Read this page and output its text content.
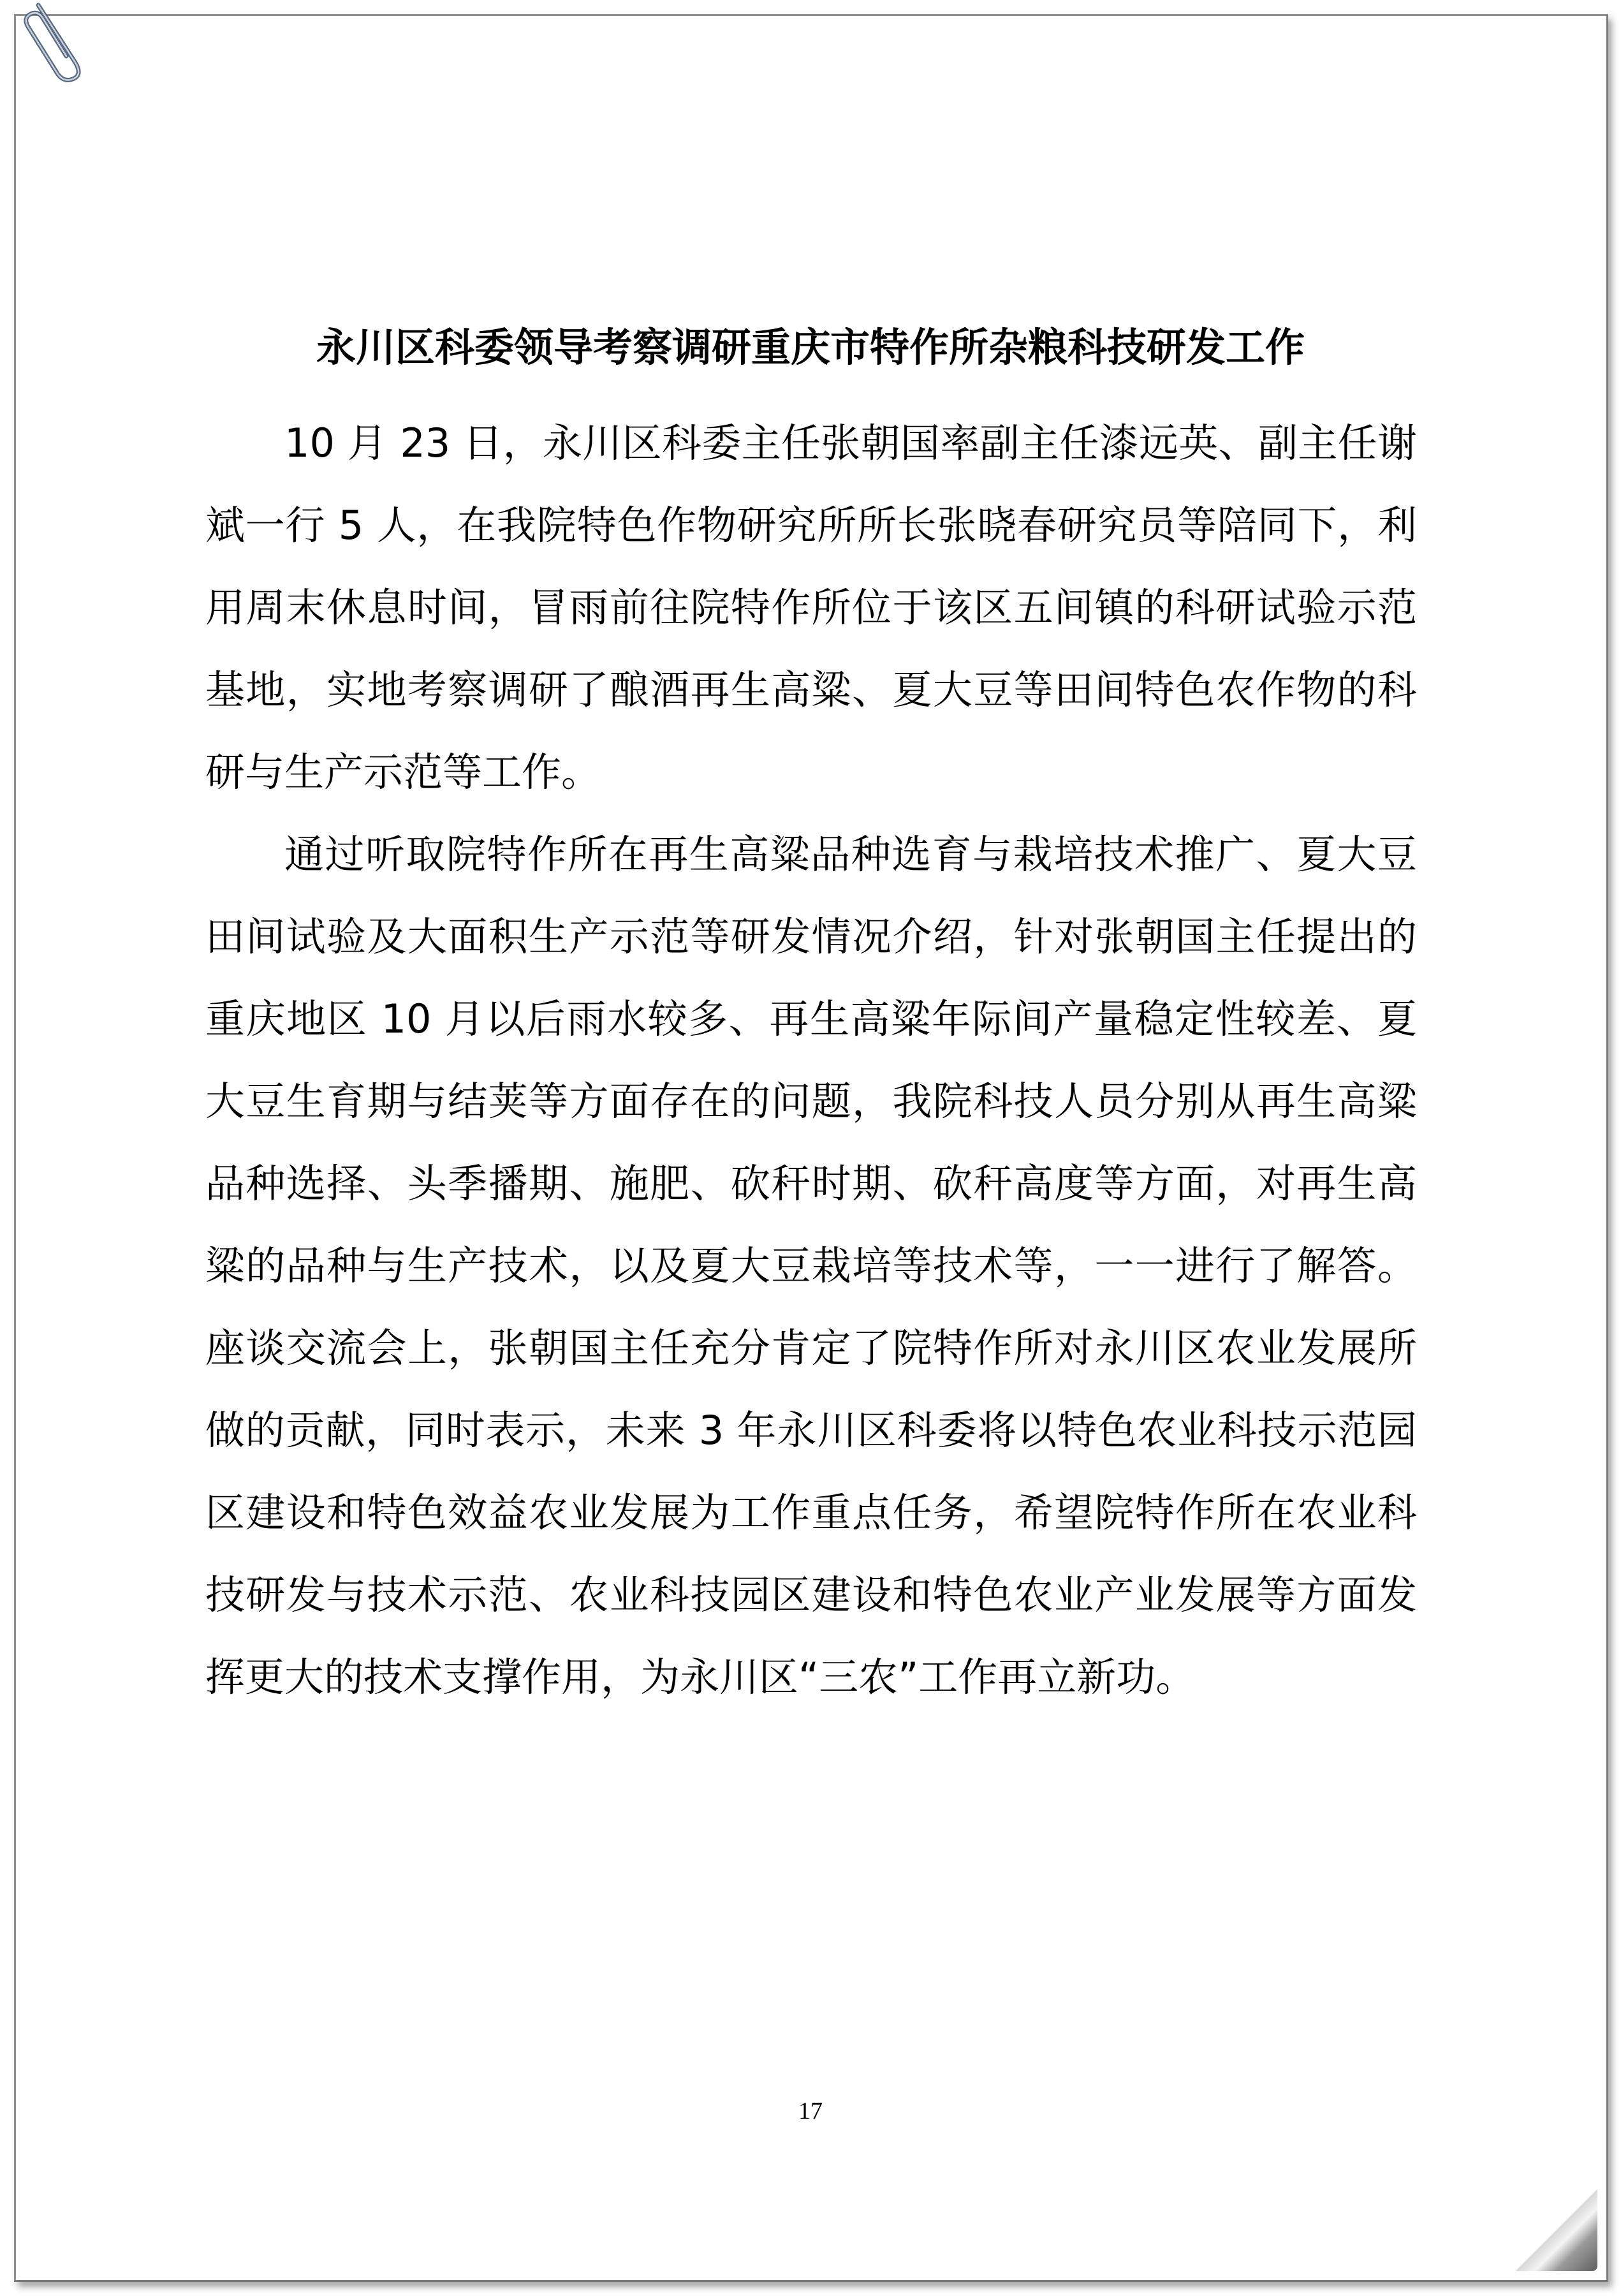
永川区科委领导考察调研重庆市特作所杂粮科技研发工作

10 月 23 日，永川区科委主任张朝国率副主任漆远英、副主任谢斌一行 5 人，在我院特色作物研究所所长张晓春研究员等陪同下，利用周末休息时间，冒雨前往院特作所位于该区五间镇的科研试验示范基地，实地考察调研了酿酒再生高粱、夏大豆等田间特色农作物的科研与生产示范等工作。

通过听取院特作所在再生高粱品种选育与栽培技术推广、夏大豆田间试验及大面积生产示范等研发情况介绍，针对张朝国主任提出的重庆地区 10 月以后雨水较多、再生高粱年际间产量稳定性较差、夏大豆生育期与结荚等方面存在的问题，我院科技人员分别从再生高粱品种选择、头季播期、施肥、砍秆时期、砍秆高度等方面，对再生高粱的品种与生产技术，以及夏大豆栽培等技术等，一一进行了解答。座谈交流会上，张朝国主任充分肯定了院特作所对永川区农业发展所做的贡献，同时表示，未来 3 年永川区科委将以特色农业科技示范园区建设和特色效益农业发展为工作重点任务，希望院特作所在农业科技研发与技术示范、农业科技园区建设和特色农业产业发展等方面发挥更大的技术支撑作用，为永川区“三农”工作再立新功。

17
